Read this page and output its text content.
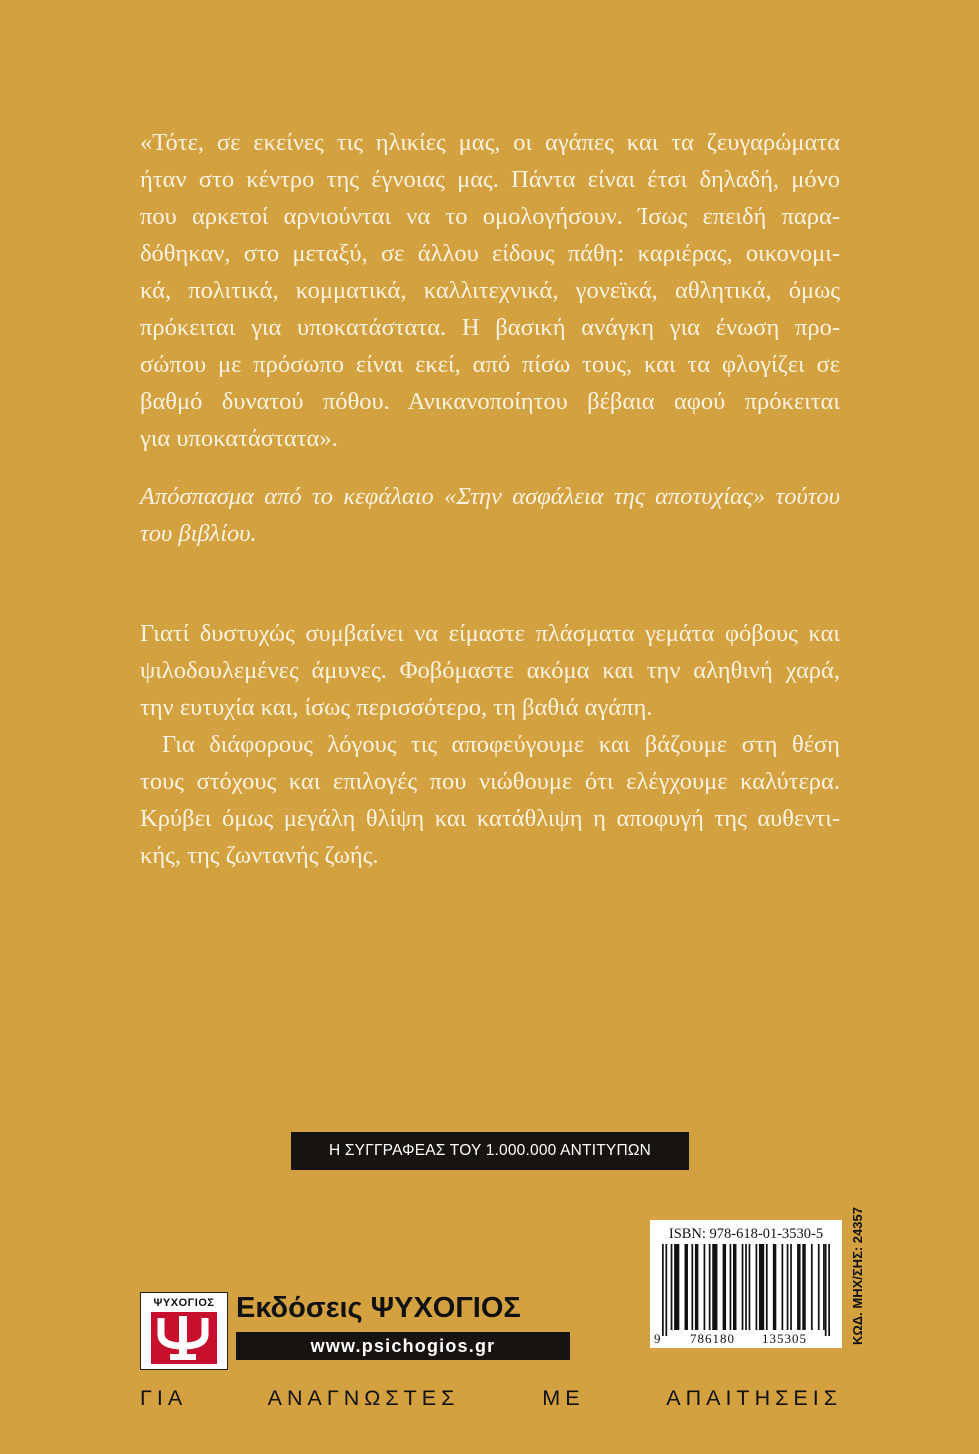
«Τότε, σε εκείνες τις ηλικίες μας, οι αγάπες και τα ζευγαρώματα
ήταν στο κέντρο της έγνοιας μας. Πάντα είναι έτσι δηλαδή, μόνο
που αρκετοί αρνιούνται να το ομολογήσουν. Ίσως επειδή παρα-
δόθηκαν, στο μεταξύ, σε άλλου είδους πάθη: καριέρας, οικονομι-
κά, πολιτικά, κομματικά, καλλιτεχνικά, γονεϊκά, αθλητικά, όμως
πρόκειται για υποκατάστατα. Η βασική ανάγκη για ένωση προ-
σώπου με πρόσωπο είναι εκεί, από πίσω τους, και τα φλογίζει σε
βαθμό δυνατού πόθου. Ανικανοποίητου βέβαια αφού πρόκειται
για υποκατάστατα».
Απόσπασμα από το κεφάλαιο «Στην ασφάλεια της αποτυχίας» τούτου
του βιβλίου.
Γιατί δυστυχώς συμβαίνει να είμαστε πλάσματα γεμάτα φόβους και
ψιλοδουλεμένες άμυνες. Φοβόμαστε ακόμα και την αληθινή χαρά,
την ευτυχία και, ίσως περισσότερο, τη βαθιά αγάπη.
Για διάφορους λόγους τις αποφεύγουμε και βάζουμε στη θέση
τους στόχους και επιλογές που νιώθουμε ότι ελέγχουμε καλύτερα.
Κρύβει όμως μεγάλη θλίψη και κατάθλιψη η αποφυγή της αυθεντι-
κής, της ζωντανής ζωής.
Η ΣΥΓΓΡΑΦΕΑΣ ΤΟΥ 1.000.000 ΑΝΤΙΤΥΠΩΝ
ΨΥΧΟΓΙΟΣ Εκδόσεις ΨΥΧΟΓΙΟΣ
www.psichogios.gr
ISBN: 978-618-01-3530-5
9 786180 135305	ΚΩΔ. ΜΗΧ/ΣΗΣ: 24357
ΓΙΑ ΑΝΑΓΝΩΣΤΕΣ ΜΕ ΑΠΑΙΤΗΣΕΙΣ
